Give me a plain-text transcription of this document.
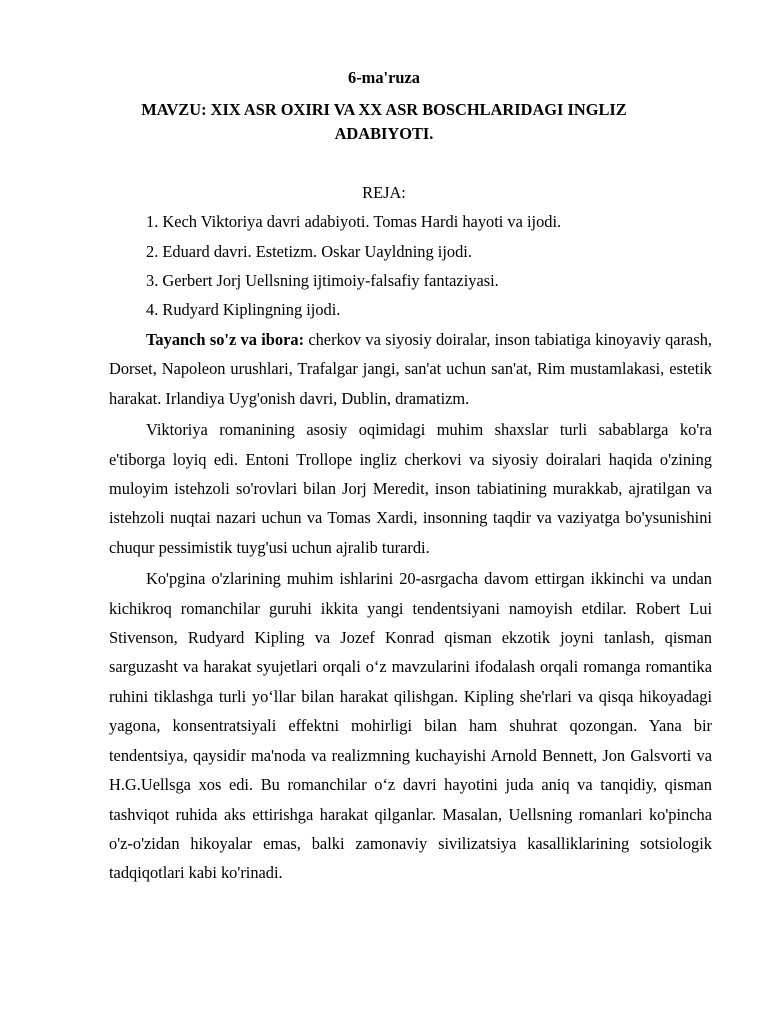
6-ma'ruza
MAVZU: XIX ASR OXIRI VA XX ASR BOSCHLARIDAGI INGLIZ ADABIYOTI.
REJA:
1. Kech Viktoriya davri adabiyoti. Tomas Hardi hayoti va ijodi.
2. Eduard davri. Estetizm. Oskar Uayldning ijodi.
3. Gerbert Jorj Uellsning ijtimoiy-falsafiy fantaziyasi.
4. Rudyard Kiplingning ijodi.

Tayanch so'z va ibora: cherkov va siyosiy doiralar, inson tabiatiga kinoyaviy qarash, Dorset, Napoleon urushlari, Trafalgar jangi, san'at uchun san'at, Rim mustamlakasi, estetik harakat. Irlandiya Uyg'onish davri, Dublin, dramatizm.

Viktoriya romanining asosiy oqimidagi muhim shaxslar turli sabablarga ko'ra e'tiborga loyiq edi. Entoni Trollope ingliz cherkovi va siyosiy doiralari haqida o'zining muloyim istehzoli so'rovlari bilan Jorj Meredit, inson tabiatining murakkab, ajratilgan va istehzoli nuqtai nazari uchun va Tomas Xardi, insonning taqdir va vaziyatga bo'ysunishini chuqur pessimistik tuyg'usi uchun ajralib turardi.

Ko'pgina o'zlarining muhim ishlarini 20-asrgacha davom ettirgan ikkinchi va undan kichikroq romanchilar guruhi ikkita yangi tendentsiyani namoyish etdilar. Robert Lui Stivenson, Rudyard Kipling va Jozef Konrad qisman ekzotik joyni tanlash, qisman sarguzasht va harakat syujetlari orqali o‘z mavzularini ifodalash orqali romanga romantika ruhini tiklashga turli yo‘llar bilan harakat qilishgan. Kipling she'rlari va qisqa hikoyadagi yagona, konsentratsiyali effektni mohirligi bilan ham shuhrat qozongan. Yana bir tendentsiya, qaysidir ma'noda va realizmning kuchayishi Arnold Bennett, Jon Galsvorti va H.G.Uellsga xos edi. Bu romanchilar o‘z davri hayotini juda aniq va tanqidiy, qisman tashviqot ruhida aks ettirishga harakat qilganlar. Masalan, Uellsning romanlari ko'pincha o'z-o'zidan hikoyalar emas, balki zamonaviy sivilizatsiya kasalliklarining sotsiologik tadqiqotlari kabi ko'rinadi.
